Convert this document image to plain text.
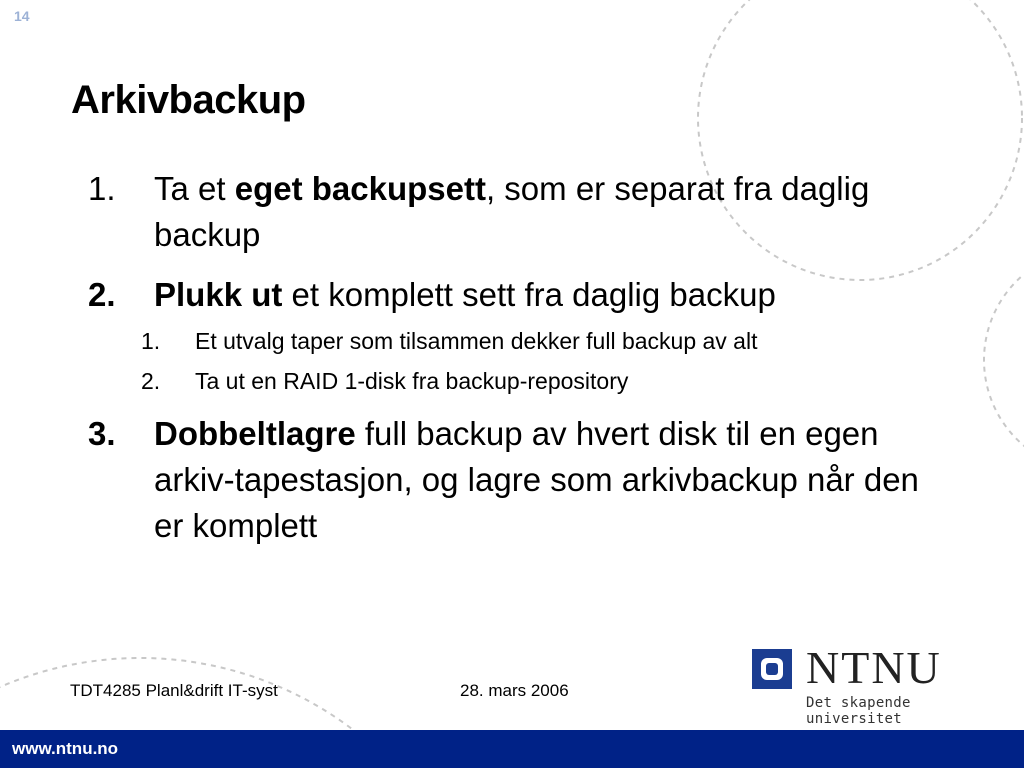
14
Arkivbackup
1. Ta et eget backupsett, som er separat fra daglig backup
2. Plukk ut et komplett sett fra daglig backup
1. Et utvalg taper som tilsammen dekker full backup av alt
2. Ta ut en RAID 1-disk fra backup-repository
3. Dobbeltlagre full backup av hvert disk til en egen arkiv-tapestasjon, og lagre som arkivbackup når den er komplett
TDT4285 Planl&drift IT-syst	28. mars 2006	NTNU
Det skapende universitet
www.ntnu.no
